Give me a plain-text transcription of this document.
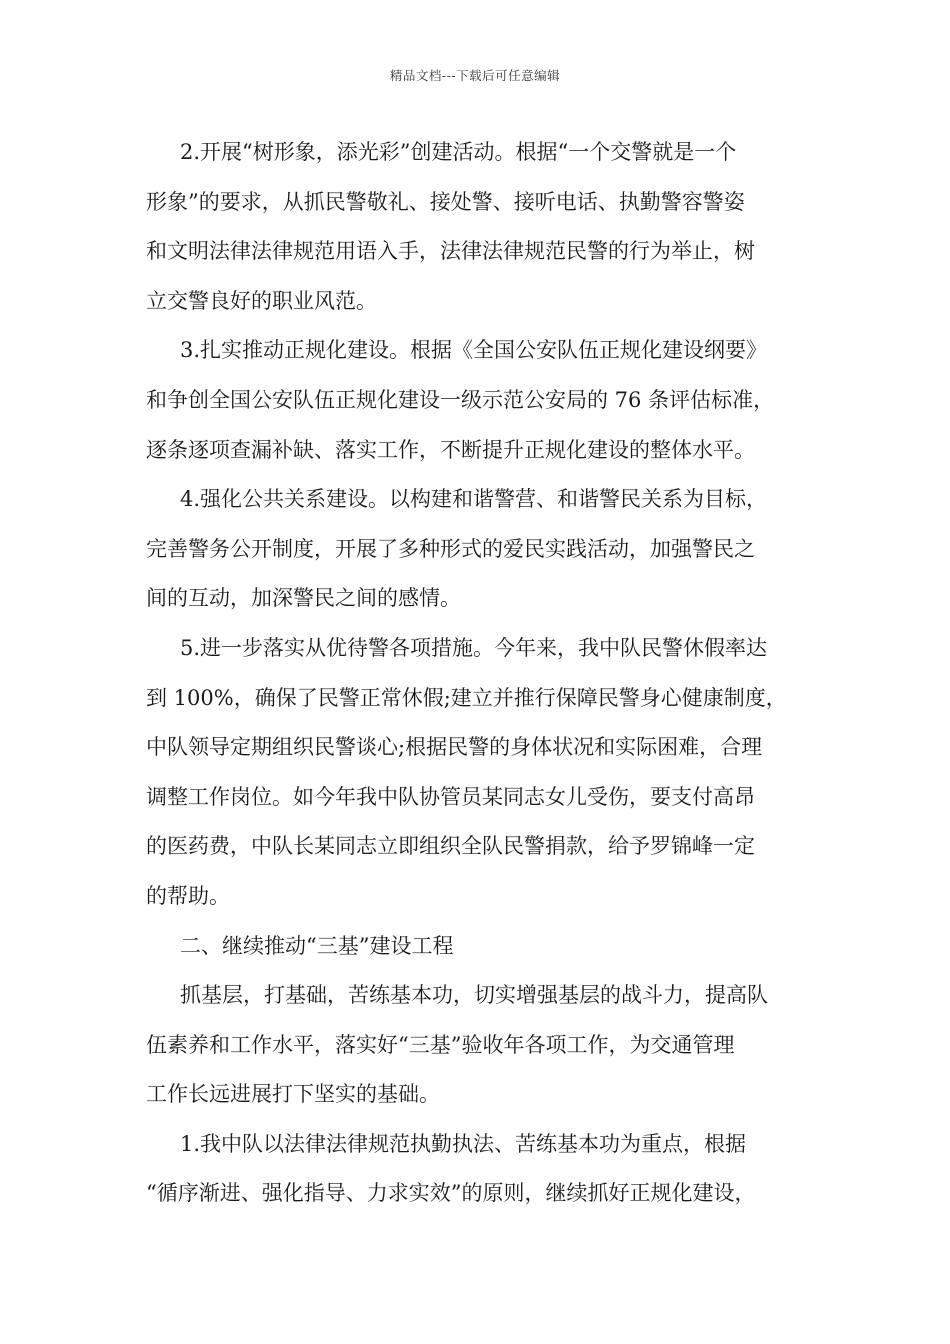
精品文档---下载后可任意编辑
2.开展“树形象，添光彩”创建活动。根据“一个交警就是一个
形象”的要求，从抓民警敬礼、接处警、接听电话、执勤警容警姿
和文明法律法律规范用语入手，法律法律规范民警的行为举止，树
立交警良好的职业风范。
3.扎实推动正规化建设。根据《全国公安队伍正规化建设纲要》
和争创全国公安队伍正规化建设一级示范公安局的 76 条评估标准，
逐条逐项查漏补缺、落实工作，不断提升正规化建设的整体水平。
4.强化公共关系建设。以构建和谐警营、和谐警民关系为目标，
完善警务公开制度，开展了多种形式的爱民实践活动，加强警民之
间的互动，加深警民之间的感情。
5.进一步落实从优待警各项措施。今年来，我中队民警休假率达
到 100%，确保了民警正常休假;建立并推行保障民警身心健康制度，
中队领导定期组织民警谈心;根据民警的身体状况和实际困难，合理
调整工作岗位。如今年我中队协管员某同志女儿受伤，要支付高昂
的医药费，中队长某同志立即组织全队民警捐款，给予罗锦峰一定
的帮助。
二、继续推动“三基”建设工程
抓基层，打基础，苦练基本功，切实增强基层的战斗力，提高队
伍素养和工作水平，落实好“三基”验收年各项工作，为交通管理
工作长远进展打下坚实的基础。
1.我中队以法律法律规范执勤执法、苦练基本功为重点，根据
“循序渐进、强化指导、力求实效”的原则，继续抓好正规化建设，
